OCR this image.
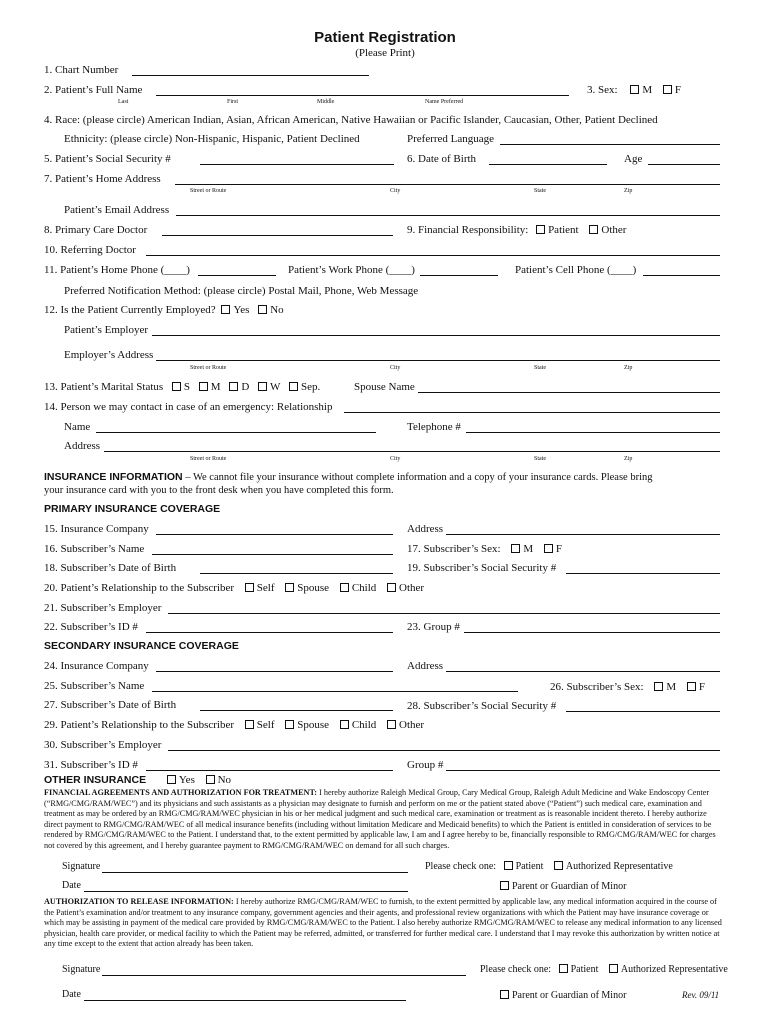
Patient Registration
(Please Print)
1. Chart Number
2. Patient’s Full Name
Last	First	Middle	Name Preferred
3. Sex: M F
4. Race: (please circle) American Indian, Asian, African American, Native Hawaiian or Pacific Islander, Caucasian, Other, Patient Declined
Ethnicity: (please circle) Non-Hispanic, Hispanic, Patient Declined	Preferred Language
5. Patient’s Social Security #	6. Date of Birth	Age
7. Patient’s Home Address
Street or Route	City	State	Zip
Patient’s Email Address
8. Primary Care Doctor	9. Financial Responsibility: Patient Other
10. Referring Doctor
11. Patient’s Home Phone (____)	Patient’s Work Phone (____)	Patient’s Cell Phone (____)
Preferred Notification Method: (please circle) Postal Mail, Phone, Web Message
12. Is the Patient Currently Employed? Yes No
Patient’s Employer
Employer’s Address
Street or Route	City	State	Zip
13. Patient’s Marital Status S M D W Sep.	Spouse Name
14. Person we may contact in case of an emergency: Relationship
Name	Telephone #
Address
Street or Route	City	State	Zip
INSURANCE INFORMATION – We cannot file your insurance without complete information and a copy of your insurance cards. Please bring
your insurance card with you to the front desk when you have completed this form.
PRIMARY INSURANCE COVERAGE
15. Insurance Company	Address
16. Subscriber’s Name	17. Subscriber’s Sex: M F
18. Subscriber’s Date of Birth	19. Subscriber’s Social Security #
20. Patient’s Relationship to the Subscriber Self Spouse Child Other
21. Subscriber’s Employer
22. Subscriber’s ID #	23. Group #
SECONDARY INSURANCE COVERAGE
24. Insurance Company	Address
25. Subscriber’s Name	26. Subscriber’s Sex: M F
27. Subscriber’s Date of Birth	28. Subscriber’s Social Security #
29. Patient’s Relationship to the Subscriber Self Spouse Child Other
30. Subscriber’s Employer
31. Subscriber’s ID #	Group #
OTHER INSURANCE	Yes No
FINANCIAL AGREEMENTS AND AUTHORIZATION FOR TREATMENT: I hereby authorize Raleigh Medical Group, Cary Medical Group, Raleigh Adult Medicine and Wake Endoscopy Center (“RMG/CMG/RAM/WEC”) and its physicians and such assistants as a physician may designate to furnish and perform on me or the patient stated above (“Patient”) such medical care, examination and treatment as may be ordered by an RMG/CMG/RAM/WEC physician in his or her medical judgment and such medical care, examination or treatment as is reasonable incident thereto. I hereby authorize direct payment to RMG/CMG/RAM/WEC of all medical insurance benefits (including without limitation Medicare and Medicaid benefits) to which the Patient is entitled in consideration of services to be rendered by RMG/CMG/RAM/WEC to the Patient. I understand that, to the extent permitted by applicable law, I am and I agree hereby to be, financially responsible to RMG/CMG/RAM/WEC for charges not covered by this agreement, and I hereby guarantee payment to RMG/CMG/RAM/WEC on demand for all such charges.
Signature	Please check one: Patient Authorized Representative
Date	Parent or Guardian of Minor
AUTHORIZATION TO RELEASE INFORMATION: I hereby authorize RMG/CMG/RAM/WEC to furnish, to the extent permitted by applicable law, any medical information acquired in the course of the Patient’s examination and/or treatment to any insurance company, government agencies and their agents, and professional review organizations with which the Patient may have insurance coverage or which may be assisting in payment of the medical care provided by RMG/CMG/RAM/WEC to the Patient. I also hereby authorize RMG/CMG/RAM/WEC to release any medical information to any licensed physician, health care provider, or medical facility to which the Patient may be referred, admitted, or transferred for further medical care. I understand that I may revoke this authorization by written notice at any time except to the extent that action already has been taken.
Signature	Please check one: Patient Authorized Representative
Date	Parent or Guardian of Minor	Rev. 09/11
